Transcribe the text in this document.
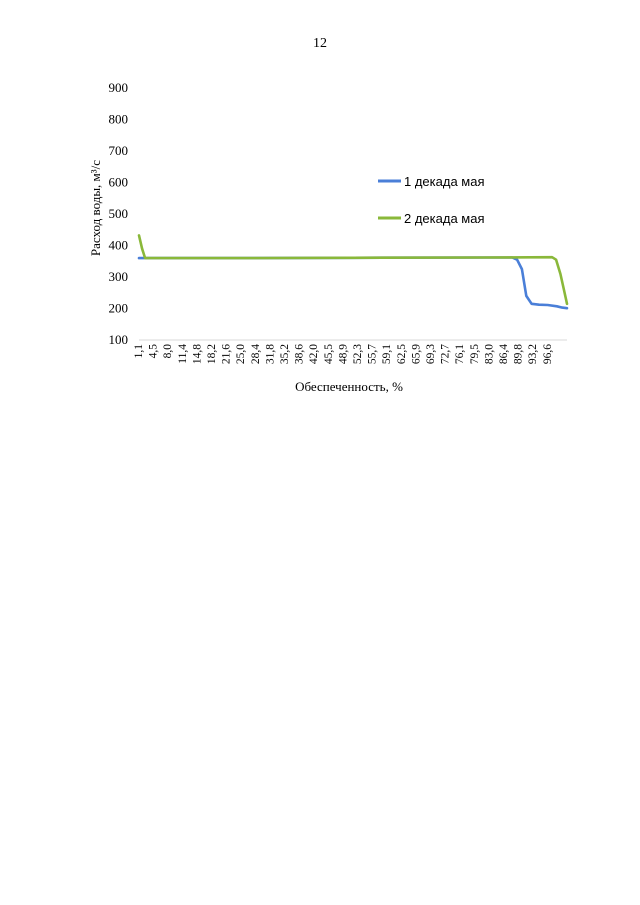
12
100
200
300
400
500
600
700
800
900
1,1 4,5 8,0 11,4 14,8 18,2 21,6 25,0 28,4 31,8 35,2 38,6 42,0 45,5 48,9 52,3 55,7 59,1 62,5 65,9 69,3 72,7 76,1 79,5 83,0 86,4 89,8 93,2 96,6
Расход воды, м³/с
Обеспеченность, %
1 декада мая
2 декада мая
